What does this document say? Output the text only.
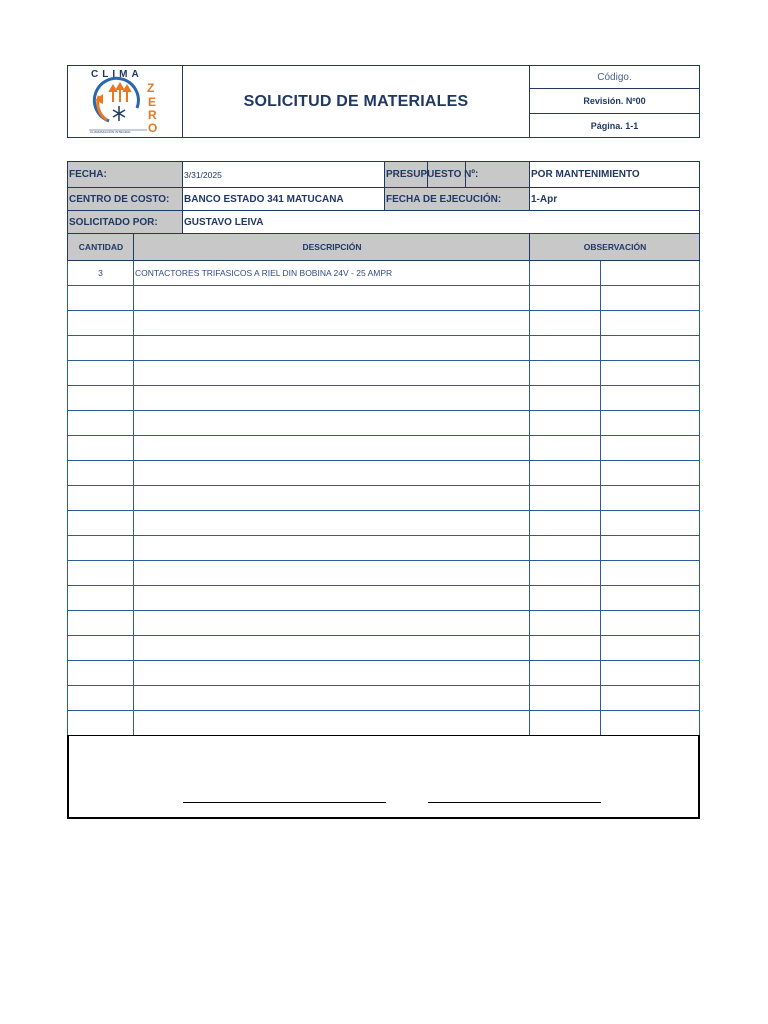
CLIMA
Z
E
R
O
CLIMATIZACIÓN INTEGRAL
SOLICITUD DE MATERIALES
Código.
Revisión. Nº00
Página. 1-1
FECHA:	3/31/2025	PRESUPUESTO Nº:	POR MANTENIMIENTO
CENTRO DE COSTO:	BANCO ESTADO 341 MATUCANA	FECHA DE EJECUCIÓN:	1-Apr
SOLICITADO POR:	GUSTAVO LEIVA
CANTIDAD	DESCRIPCIÓN	OBSERVACIÓN
3	CONTACTORES TRIFASICOS A RIEL DIN BOBINA 24V - 25 AMPR
